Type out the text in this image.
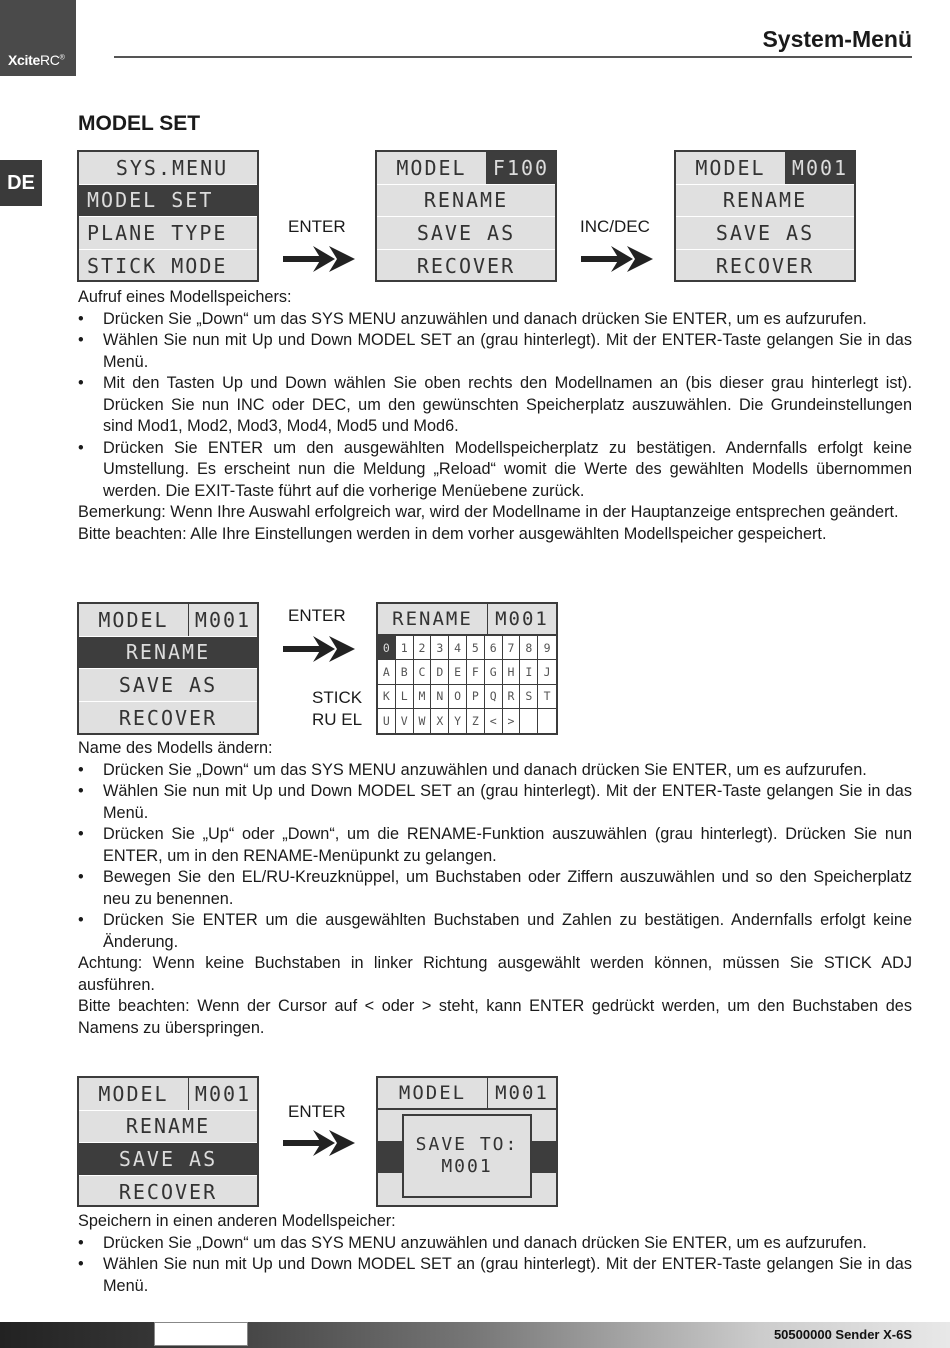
XciteRC®
DE
System-Menü
MODEL SET
SYS.MENU
MODEL SET
PLANE TYPE
STICK MODE
ENTER
MODEL	F100
RENAME
SAVE AS
RECOVER
INC/DEC
MODEL	M001
RENAME
SAVE AS
RECOVER

Aufruf eines Modellspeichers:

• Drücken Sie „Down“ um das SYS MENU anzuwählen und danach drücken Sie ENTER, um es aufzurufen.
• Wählen Sie nun mit Up und Down MODEL SET an (grau hinterlegt). Mit der ENTER-Taste gelangen Sie in das Menü.
• Mit den Tasten Up und Down wählen Sie oben rechts den Modellnamen an (bis dieser grau hinterlegt ist). Drücken Sie nun INC oder DEC, um den gewünschten Speicherplatz auszuwählen. Die Grundeinstellungen sind Mod1, Mod2, Mod3, Mod4, Mod5 und Mod6.
• Drücken Sie ENTER um den ausgewählten Modellspeicherplatz zu bestätigen. Andernfalls erfolgt keine Umstellung. Es erscheint nun die Meldung „Reload“ womit die Werte des gewählten Modells übernommen werden. Die EXIT-Taste führt auf die vorherige Menüebene zurück.

Bemerkung: Wenn Ihre Auswahl erfolgreich war, wird der Modellname in der Hauptanzeige entsprechen geändert.

Bitte beachten: Alle Ihre Einstellungen werden in dem vorher ausgewählten Modellspeicher gespeichert.

MODEL	M001
RENAME
SAVE AS
RECOVER
ENTER
STICK
RU EL
RENAME	M001
0 1 2 3 4 5 6 7 8 9
A B C D E F G H I J
K L M N O P Q R S T
U V W X Y Z < >

Name des Modells ändern:

• Drücken Sie „Down“ um das SYS MENU anzuwählen und danach drücken Sie ENTER, um es aufzurufen.
• Wählen Sie nun mit Up und Down MODEL SET an (grau hinterlegt). Mit der ENTER-Taste gelangen Sie in das Menü.
• Drücken Sie „Up“ oder „Down“, um die RENAME-Funktion auszuwählen (grau hinterlegt). Drücken Sie nun ENTER, um in den RENAME-Menüpunkt zu gelangen.
• Bewegen Sie den EL/RU-Kreuzknüppel, um Buchstaben oder Ziffern auszuwählen und so den Speicherplatz neu zu benennen.
• Drücken Sie ENTER um die ausgewählten Buchstaben und Zahlen zu bestätigen. Andernfalls erfolgt keine Änderung.

Achtung: Wenn keine Buchstaben in linker Richtung ausgewählt werden können, müssen Sie STICK ADJ ausführen.

Bitte beachten: Wenn der Cursor auf < oder > steht, kann ENTER gedrückt werden, um den Buchstaben des Namens zu überspringen.

MODEL	M001
RENAME
SAVE AS
RECOVER
ENTER
MODEL	M001
SAVE TO:
M001

Speichern in einen anderen Modellspeicher:

• Drücken Sie „Down“ um das SYS MENU anzuwählen und danach drücken Sie ENTER, um es aufzurufen.
• Wählen Sie nun mit Up und Down MODEL SET an (grau hinterlegt). Mit der ENTER-Taste gelangen Sie in das Menü.
50500000 Sender X-6S
